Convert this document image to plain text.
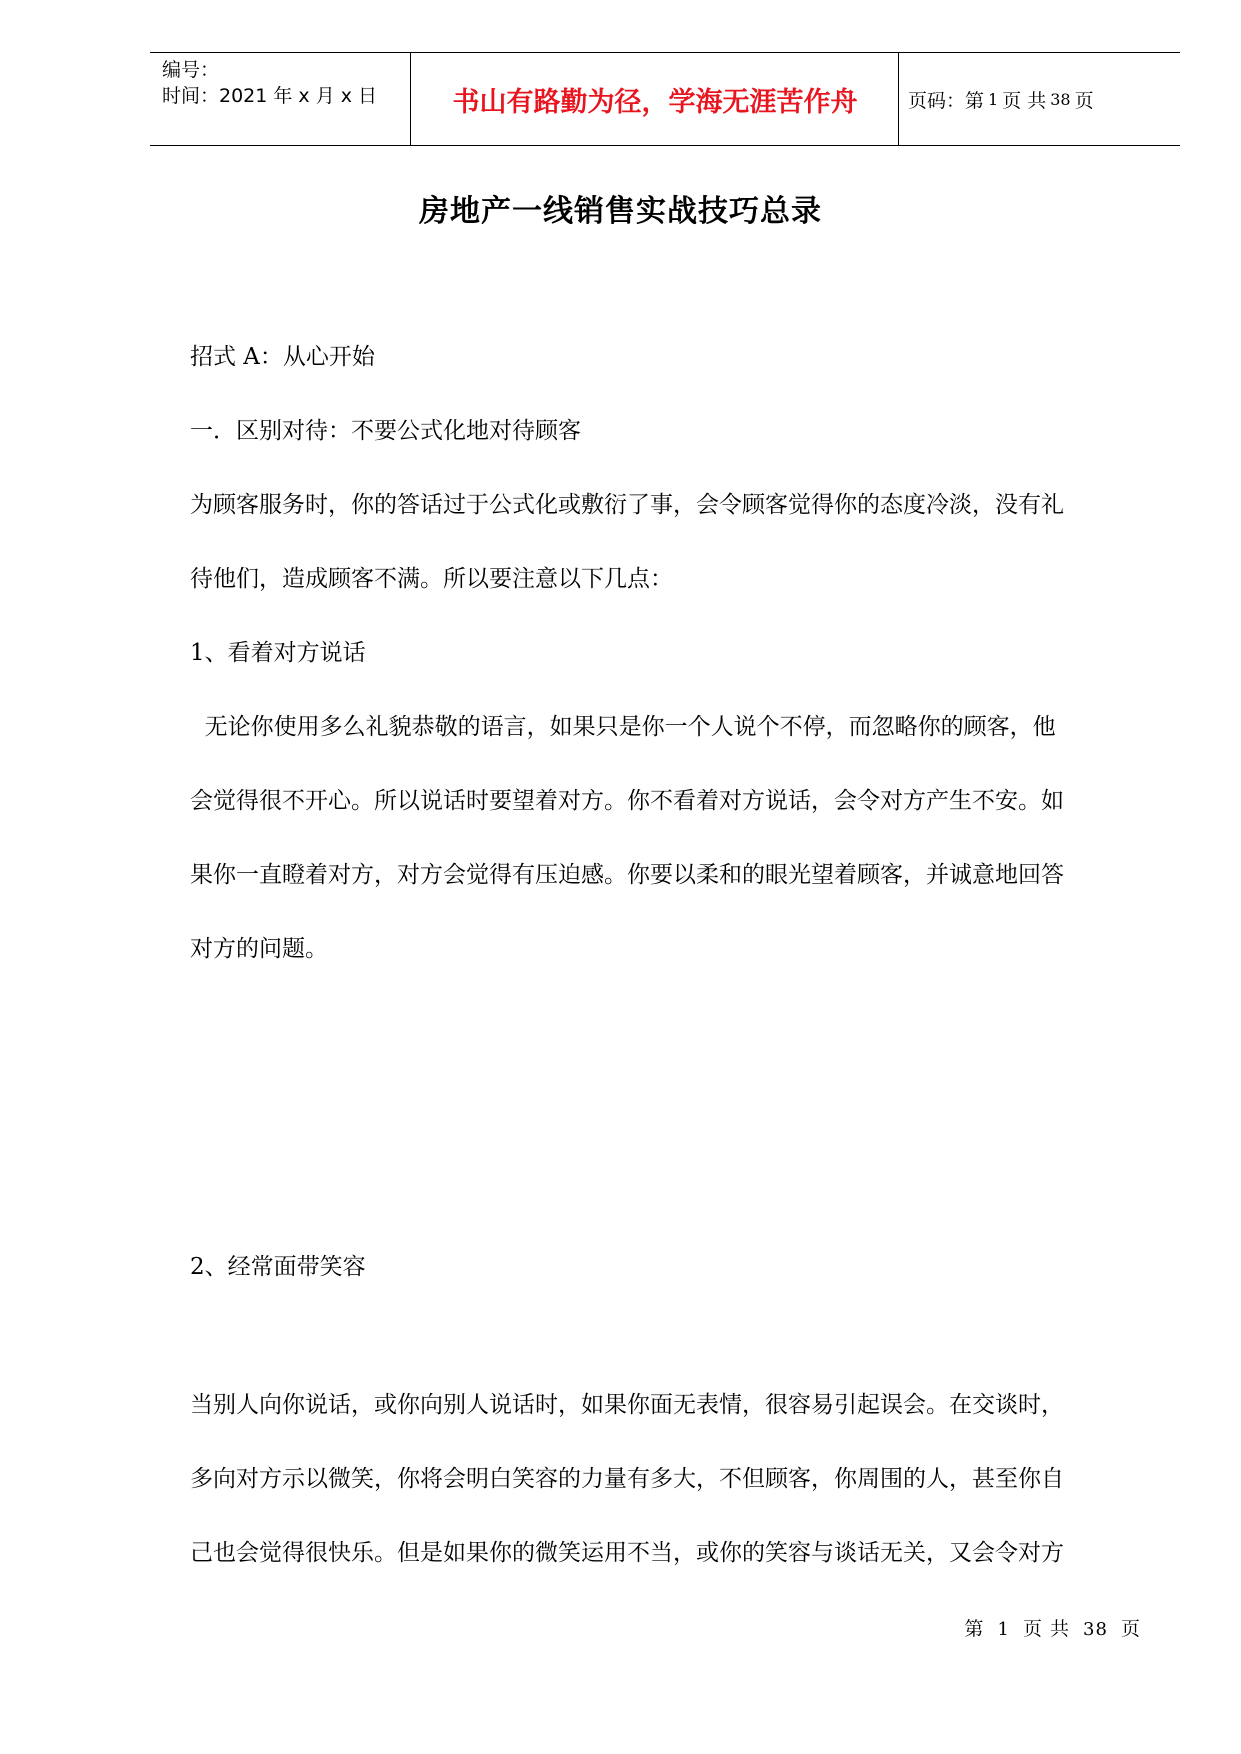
编号：
时间：2021 年 x 月 x 日	书山有路勤为径，学海无涯苦作舟	页码：第 1 页 共 38 页
房地产一线销售实战技巧总录

招式 A：从心开始

一．区别对待：不要公式化地对待顾客

为顾客服务时，你的答话过于公式化或敷衍了事，会令顾客觉得你的态度冷淡，没有礼

待他们，造成顾客不满。所以要注意以下几点：

1、看着对方说话

无论你使用多么礼貌恭敬的语言，如果只是你一个人说个不停，而忽略你的顾客，他

会觉得很不开心。所以说话时要望着对方。你不看着对方说话，会令对方产生不安。如

果你一直瞪着对方，对方会觉得有压迫感。你要以柔和的眼光望着顾客，并诚意地回答

对方的问题。

2、经常面带笑容

当别人向你说话，或你向别人说话时，如果你面无表情，很容易引起误会。在交谈时，

多向对方示以微笑，你将会明白笑容的力量有多大，不但顾客，你周围的人，甚至你自

己也会觉得很快乐。但是如果你的微笑运用不当，或你的笑容与谈话无关，又会令对方

第 1 页 共 38 页
